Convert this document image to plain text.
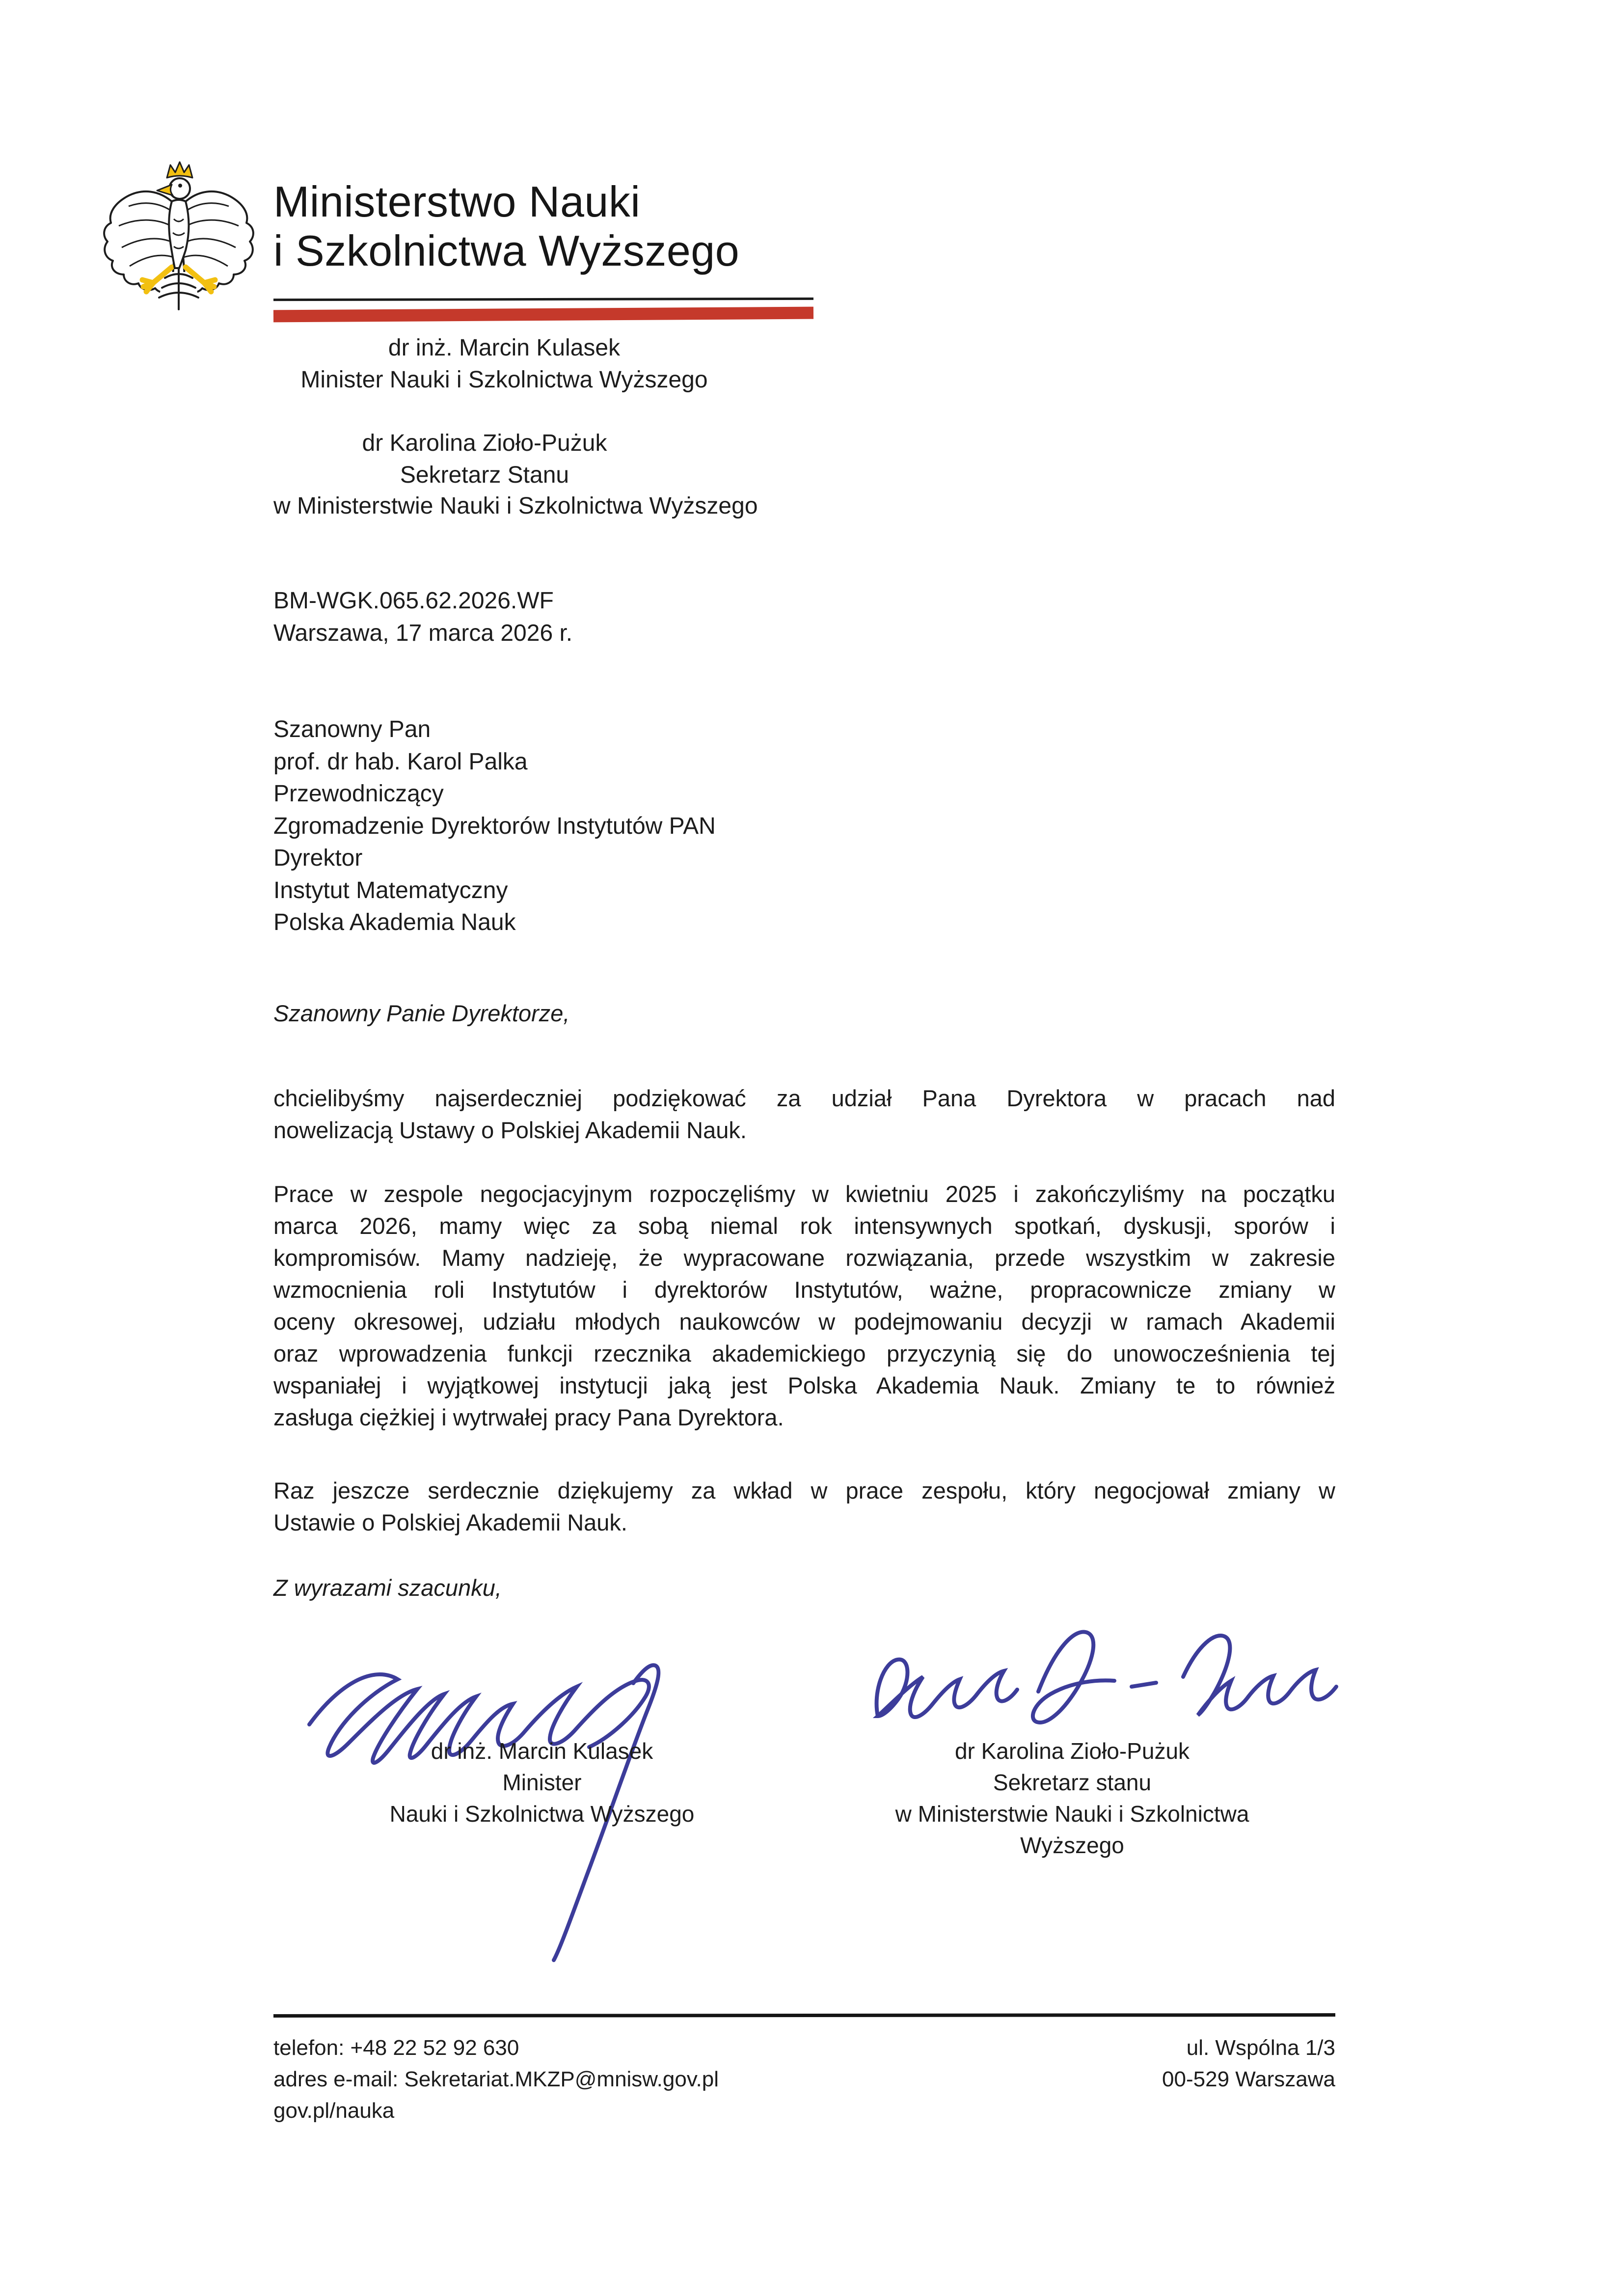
Ministerstwo Nauki
i Szkolnictwa Wyższego
dr inż. Marcin Kulasek
Minister Nauki i Szkolnictwa Wyższego
dr Karolina Zioło-Pużuk
Sekretarz Stanu
w Ministerstwie Nauki i Szkolnictwa Wyższego
BM-WGK.065.62.2026.WF
Warszawa, 17 marca 2026 r.
Szanowny Pan
prof. dr hab. Karol Palka
Przewodniczący
Zgromadzenie Dyrektorów Instytutów PAN
Dyrektor
Instytut Matematyczny
Polska Akademia Nauk
Szanowny Panie Dyrektorze,
chcielibyśmy najserdeczniej podziękować za udział Pana Dyrektora w pracach nad
nowelizacją Ustawy o Polskiej Akademii Nauk.
Prace w zespole negocjacyjnym rozpoczęliśmy w kwietniu 2025 i zakończyliśmy na początku
marca 2026, mamy więc za sobą niemal rok intensywnych spotkań, dyskusji, sporów i
kompromisów. Mamy nadzieję, że wypracowane rozwiązania, przede wszystkim w zakresie
wzmocnienia roli Instytutów i dyrektorów Instytutów, ważne, propracownicze zmiany w
oceny okresowej, udziału młodych naukowców w podejmowaniu decyzji w ramach Akademii
oraz wprowadzenia funkcji rzecznika akademickiego przyczynią się do unowocześnienia tej
wspaniałej i wyjątkowej instytucji jaką jest Polska Akademia Nauk. Zmiany te to również
zasługa ciężkiej i wytrwałej pracy Pana Dyrektora.
Raz jeszcze serdecznie dziękujemy za wkład w prace zespołu, który negocjował zmiany w
Ustawie o Polskiej Akademii Nauk.
Z wyrazami szacunku,
dr inż. Marcin Kulasek
Minister
Nauki i Szkolnictwa Wyższego
dr Karolina Zioło-Pużuk
Sekretarz stanu
w Ministerstwie Nauki i Szkolnictwa
Wyższego
telefon: +48 22 52 92 630
adres e-mail: Sekretariat.MKZP@mnisw.gov.pl
gov.pl/nauka
ul. Wspólna 1/3
00-529 Warszawa
